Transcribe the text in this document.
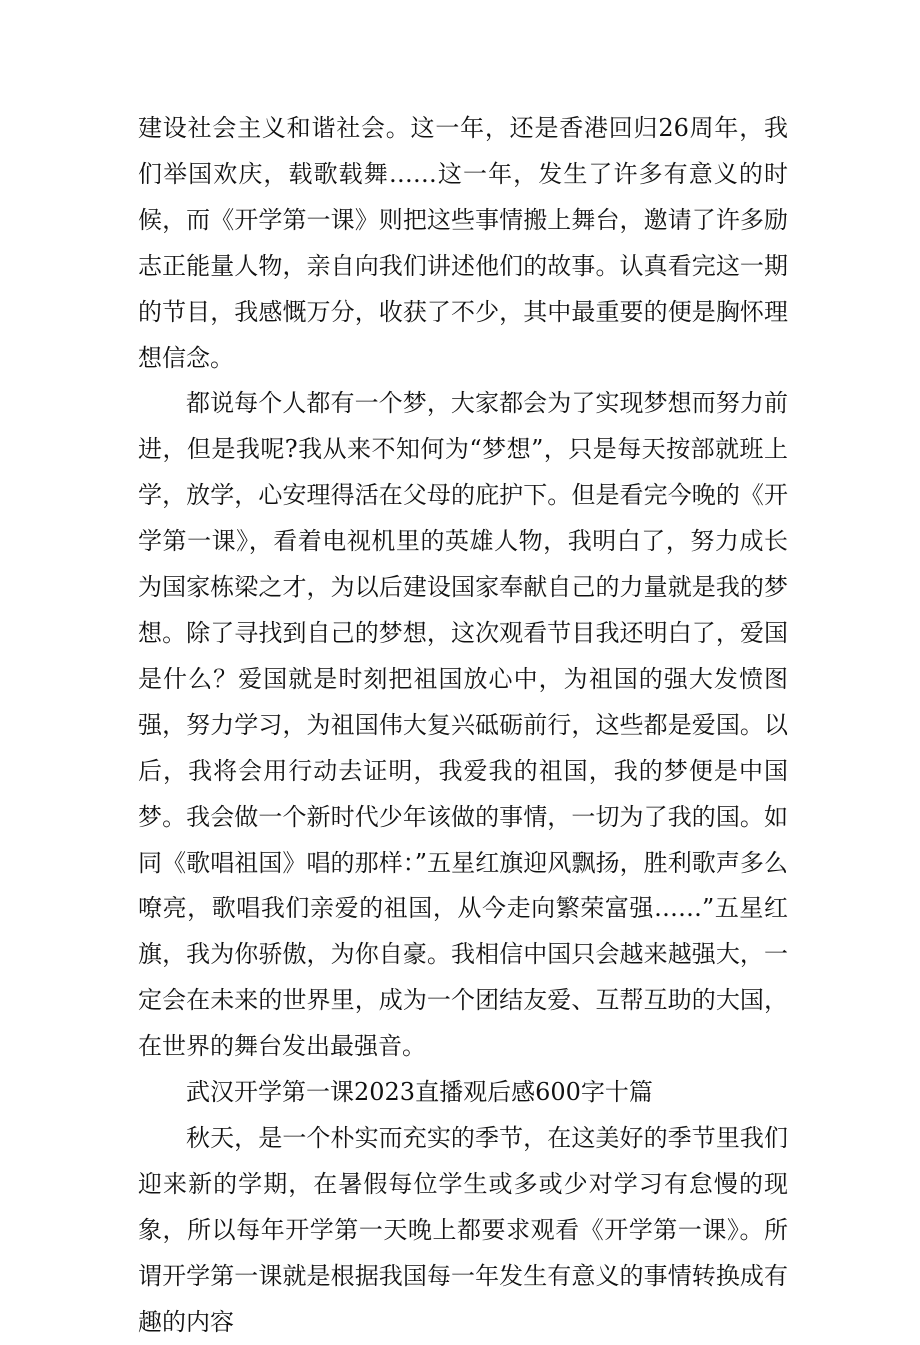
建设社会主义和谐社会。这一年，还是香港回归26周年，我们举国欢庆，载歌载舞……这一年，发生了许多有意义的时候，而《开学第一课》则把这些事情搬上舞台，邀请了许多励志正能量人物，亲自向我们讲述他们的故事。认真看完这一期的节目，我感慨万分，收获了不少，其中最重要的便是胸怀理想信念。

都说每个人都有一个梦，大家都会为了实现梦想而努力前进，但是我呢?我从来不知何为“梦想”，只是每天按部就班上学，放学，心安理得活在父母的庇护下。但是看完今晚的《开学第一课》，看着电视机里的英雄人物，我明白了，努力成长为国家栋梁之才，为以后建设国家奉献自己的力量就是我的梦想。除了寻找到自己的梦想，这次观看节目我还明白了，爱国是什么？爱国就是时刻把祖国放心中，为祖国的强大发愤图强，努力学习，为祖国伟大复兴砥砺前行，这些都是爱国。以后，我将会用行动去证明，我爱我的祖国，我的梦便是中国梦。我会做一个新时代少年该做的事情，一切为了我的国。如同《歌唱祖国》唱的那样：”五星红旗迎风飘扬，胜利歌声多么嘹亮，歌唱我们亲爱的祖国，从今走向繁荣富强……”五星红旗，我为你骄傲，为你自豪。我相信中国只会越来越强大，一定会在未来的世界里，成为一个团结友爱、互帮互助的大国，在世界的舞台发出最强音。

武汉开学第一课2023直播观后感600字十篇

秋天，是一个朴实而充实的季节，在这美好的季节里我们迎来新的学期，在暑假每位学生或多或少对学习有怠慢的现象，所以每年开学第一天晚上都要求观看《开学第一课》。所谓开学第一课就是根据我国每一年发生有意义的事情转换成有趣的内容
